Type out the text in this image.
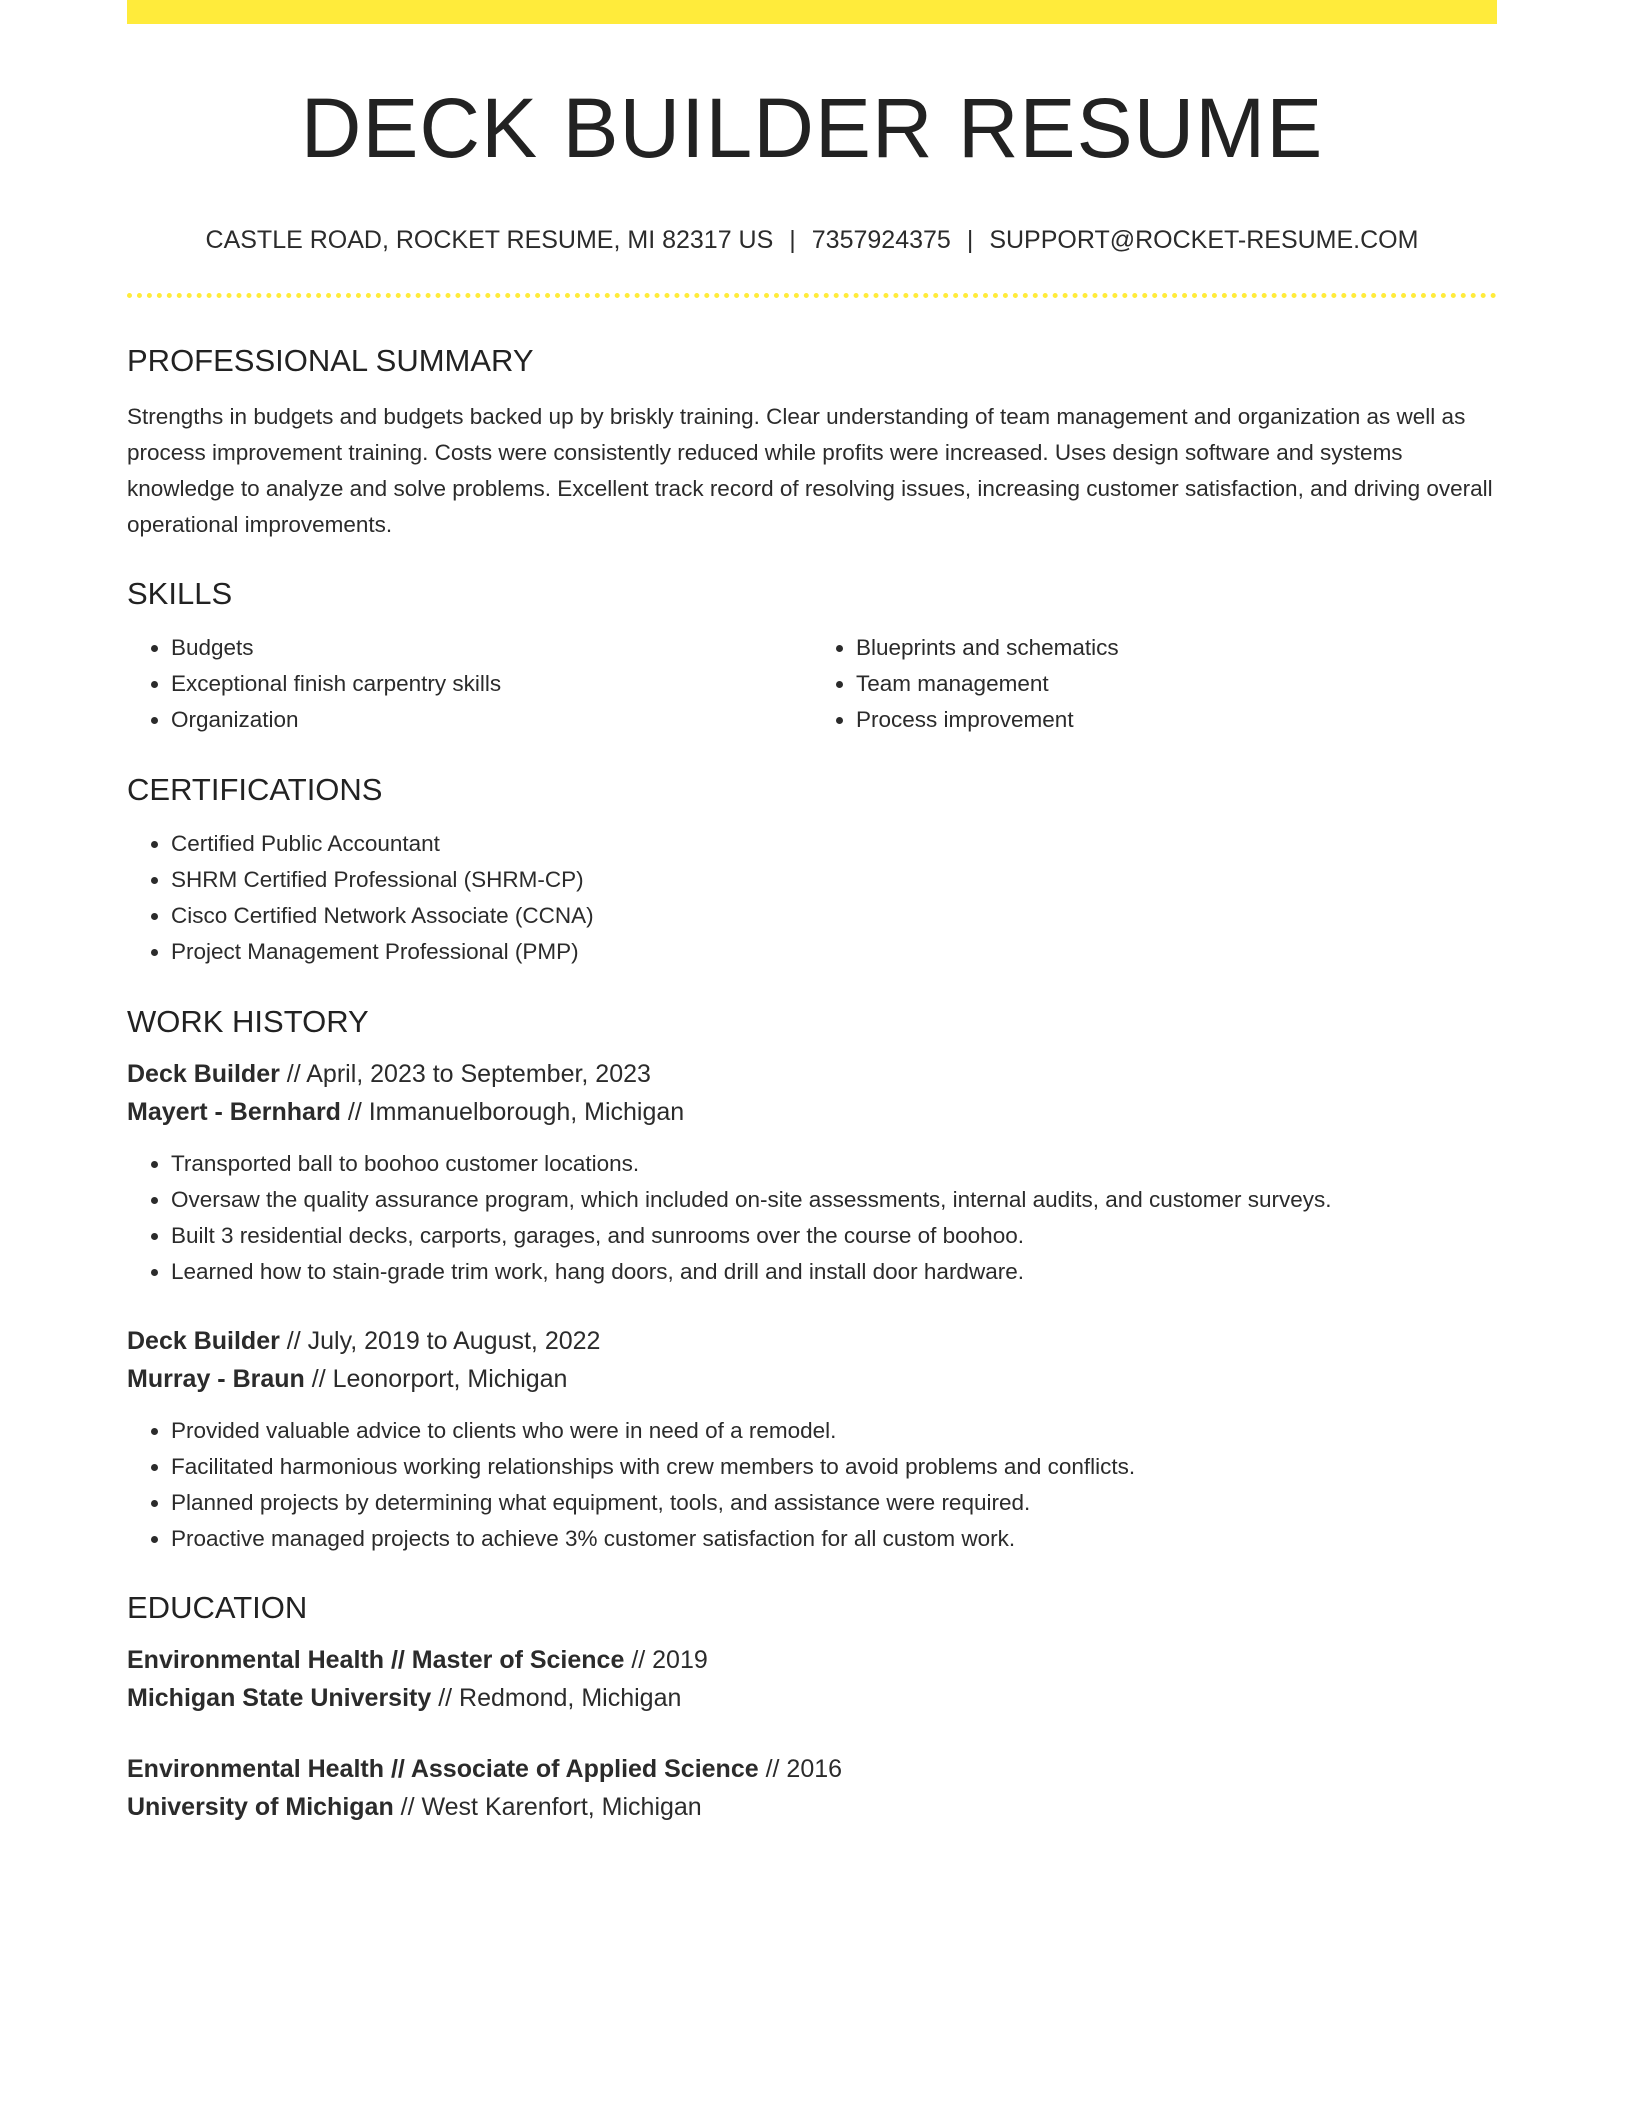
DECK BUILDER RESUME
CASTLE ROAD, ROCKET RESUME, MI 82317 US | 7357924375 | SUPPORT@ROCKET-RESUME.COM
PROFESSIONAL SUMMARY

Strengths in budgets and budgets backed up by briskly training. Clear understanding of team management and organization as well as process improvement training. Costs were consistently reduced while profits were increased. Uses design software and systems knowledge to analyze and solve problems. Excellent track record of resolving issues, increasing customer satisfaction, and driving overall operational improvements.

SKILLS
• Budgets
• Exceptional finish carpentry skills
• Organization
• Blueprints and schematics
• Team management
• Process improvement
CERTIFICATIONS
• Certified Public Accountant
• SHRM Certified Professional (SHRM-CP)
• Cisco Certified Network Associate (CCNA)
• Project Management Professional (PMP)
WORK HISTORY

Deck Builder // April, 2023 to September, 2023

Mayert - Bernhard // Immanuelborough, Michigan

• Transported ball to boohoo customer locations.
• Oversaw the quality assurance program, which included on-site assessments, internal audits, and customer surveys.
• Built 3 residential decks, carports, garages, and sunrooms over the course of boohoo.
• Learned how to stain-grade trim work, hang doors, and drill and install door hardware.

Deck Builder // July, 2019 to August, 2022

Murray - Braun // Leonorport, Michigan

• Provided valuable advice to clients who were in need of a remodel.
• Facilitated harmonious working relationships with crew members to avoid problems and conflicts.
• Planned projects by determining what equipment, tools, and assistance were required.
• Proactive managed projects to achieve 3% customer satisfaction for all custom work.
EDUCATION

Environmental Health // Master of Science // 2019

Michigan State University // Redmond, Michigan

Environmental Health // Associate of Applied Science // 2016

University of Michigan // West Karenfort, Michigan
